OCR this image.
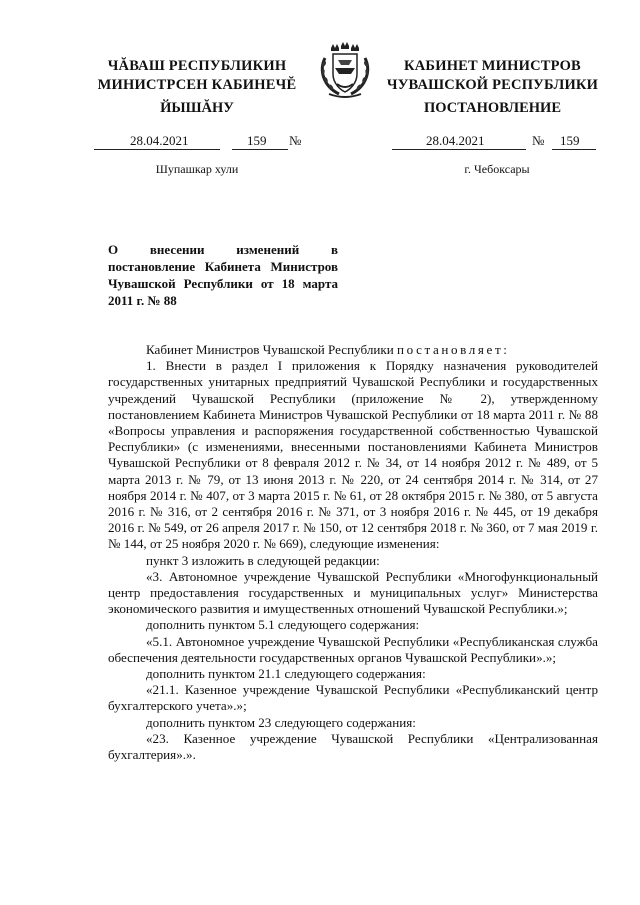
ЧĂВАШ РЕСПУБЛИКИН
МИНИСТРСЕН КАБИНЕЧĔ
ЙЫШĂНУ
КАБИНЕТ МИНИСТРОВ
ЧУВАШСКОЙ РЕСПУБЛИКИ
ПОСТАНОВЛЕНИЕ
28.04.2021	159 №	28.04.2021	№ 159
Шупашкар хули	г. Чебоксары
О внесении изменений в постановление Кабинета Министров Чувашской Республики от 18 марта 2011 г. № 88

Кабинет Министров Чувашской Республики постановляет:

1. Внести в раздел I приложения к Порядку назначения руководителей государственных унитарных предприятий Чувашской Республики и государственных учреждений Чувашской Республики (приложение № 2), утвержденному постановлением Кабинета Министров Чувашской Республики от 18 марта 2011 г. № 88 «Вопросы управления и распоряжения государственной собственностью Чувашской Республики» (с изменениями, внесенными постановлениями Кабинета Министров Чувашской Республики от 8 февраля 2012 г. № 34, от 14 ноября 2012 г. № 489, от 5 марта 2013 г. № 79, от 13 июня 2013 г. № 220, от 24 сентября 2014 г. № 314, от 27 ноября 2014 г. № 407, от 3 марта 2015 г. № 61, от 28 октября 2015 г. № 380, от 5 августа 2016 г. № 316, от 2 сентября 2016 г. № 371, от 3 ноября 2016 г. № 445, от 19 декабря 2016 г. № 549, от 26 апреля 2017 г. № 150, от 12 сентября 2018 г. № 360, от 7 мая 2019 г. № 144, от 25 ноября 2020 г. № 669), следующие изменения:

пункт 3 изложить в следующей редакции:

«3. Автономное учреждение Чувашской Республики «Многофункциональный центр предоставления государственных и муниципальных услуг» Министерства экономического развития и имущественных отношений Чувашской Республики.»;

дополнить пунктом 5.1 следующего содержания:

«5.1. Автономное учреждение Чувашской Республики «Республиканская служба обеспечения деятельности государственных органов Чувашской Республики».»;

дополнить пунктом 21.1 следующего содержания:

«21.1. Казенное учреждение Чувашской Республики «Республиканский центр бухгалтерского учета».»;

дополнить пунктом 23 следующего содержания:

«23. Казенное учреждение Чувашской Республики «Централизованная бухгалтерия».».
